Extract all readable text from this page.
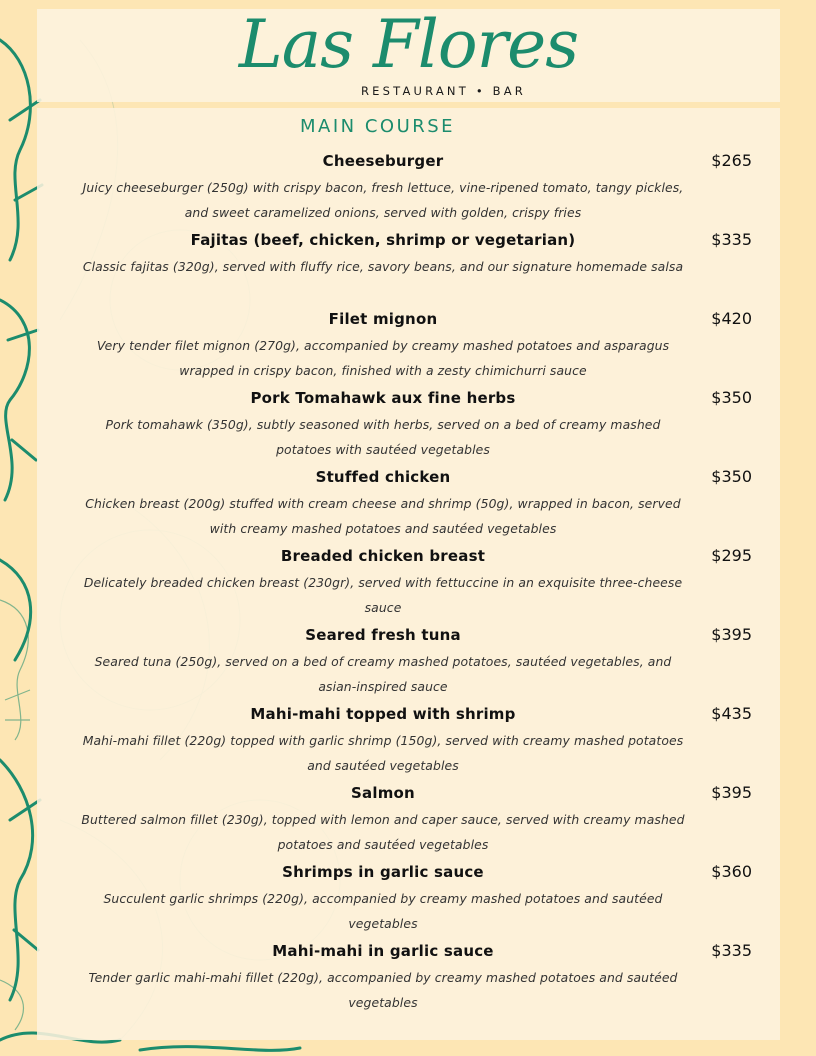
Las Flores
RESTAURANT • BAR
MAIN COURSE
Cheeseburger	$265
Juicy cheeseburger (250g) with crispy bacon, fresh lettuce, vine-ripened tomato, tangy pickles, and sweet caramelized onions, served with golden, crispy fries
Fajitas (beef, chicken, shrimp or vegetarian)	$335
Classic fajitas (320g), served with fluffy rice, savory beans, and our signature homemade salsa
Filet mignon	$420
Very tender filet mignon (270g), accompanied by creamy mashed potatoes and asparagus wrapped in crispy bacon, finished with a zesty chimichurri sauce
Pork Tomahawk aux fine herbs	$350
Pork tomahawk (350g), subtly seasoned with herbs, served on a bed of creamy mashed potatoes with sautéed vegetables
Stuffed chicken	$350
Chicken breast (200g) stuffed with cream cheese and shrimp (50g), wrapped in bacon, served with creamy mashed potatoes and sautéed vegetables
Breaded chicken breast	$295
Delicately breaded chicken breast (230gr), served with fettuccine in an exquisite three-cheese sauce
Seared fresh tuna	$395
Seared tuna (250g), served on a bed of creamy mashed potatoes, sautéed vegetables, and asian-inspired sauce
Mahi-mahi topped with shrimp	$435
Mahi-mahi fillet (220g) topped with garlic shrimp (150g), served with creamy mashed potatoes and sautéed vegetables
Salmon	$395
Buttered salmon fillet (230g), topped with lemon and caper sauce, served with creamy mashed potatoes and sautéed vegetables
Shrimps in garlic sauce	$360
Succulent garlic shrimps (220g), accompanied by creamy mashed potatoes and sautéed vegetables
Mahi-mahi in garlic sauce	$335
Tender garlic mahi-mahi fillet (220g), accompanied by creamy mashed potatoes and sautéed vegetables
